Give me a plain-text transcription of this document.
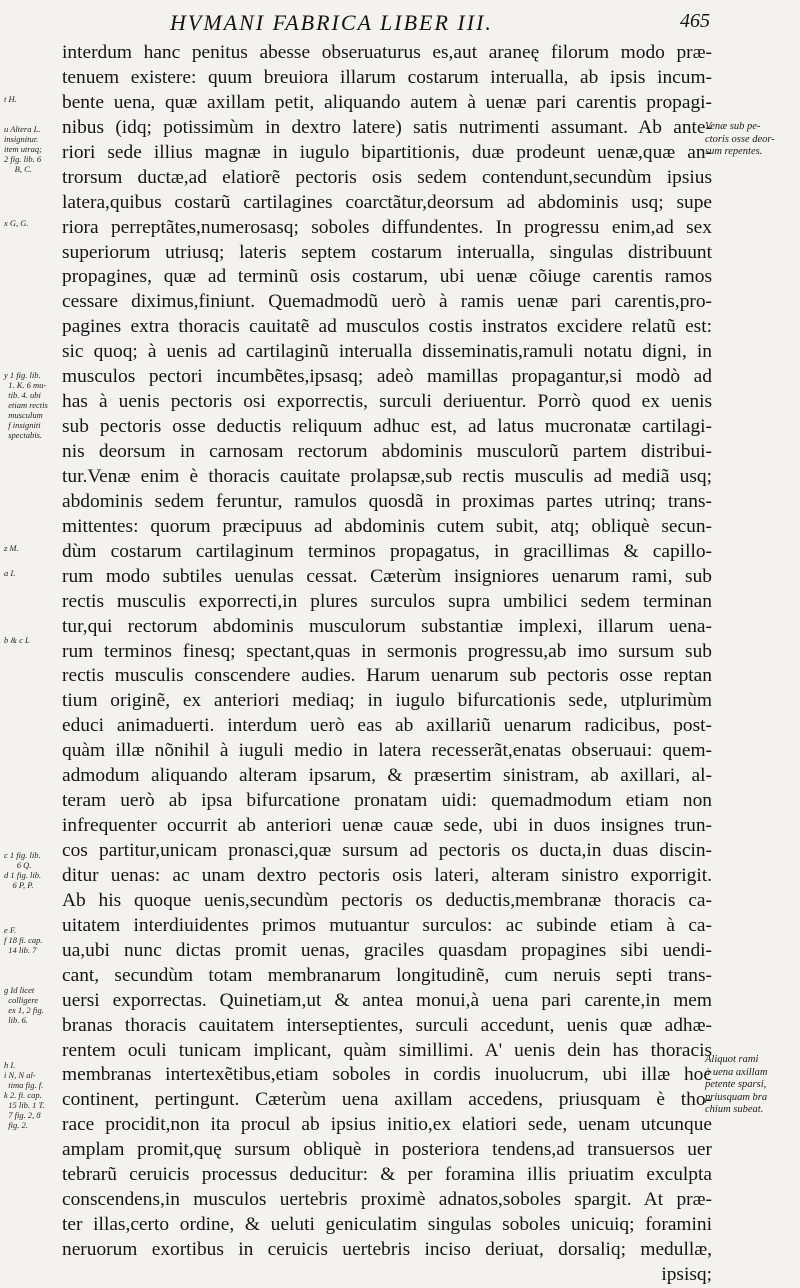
HVMANI FABRICA LIBER III.	465
t H.
u Altera L.
insignitur.
item utraq;
2 fig. lib. 6
B, C.
x G, G.
y 1 fig. lib.
1. K. 6 mu-
tib. 4. ubi
etiam rectis
musculum
f insigniti
spectabis.
z M.
a I.
b & c L
c 1 fig. lib.
6 Q.
d 1 fig. lib.
6 P, P.
e F.
f 18 fi. cap.
14 lib. 7
g Id licet
colligere
ex 1, 2 fig.
lib. 6.
h I.
i N, N al-
tima fig. f.
k 2. fi. cap.
15 lib. 1 T.
7 fig. 2, 8
fig. 2.
interdum hanc penitus abesse obseruaturus es,aut araneę filorum modo præ-
tenuem existere: quum breuiora illarum costarum interualla, ab ipsis incum-
bente uena, quæ axillam petit, aliquando autem à uenæ pari carentis propagi-
nibus (idq; potissimùm in dextro latere) satis nutrimenti assumant. Ab ante-
riori sede illius magnæ in iugulo bipartitionis, duæ prodeunt uenæ,quæ an-
trorsum ductæ,ad elatiorẽ pectoris osis sedem contendunt,secundùm ipsius
latera,quibus costarũ cartilagines coarctãtur,deorsum ad abdominis usq; supe
riora perreptãtes,numerosasq; soboles diffundentes. In progressu enim,ad sex
superiorum utriusq; lateris septem costarum interualla, singulas distribuunt
propagines, quæ ad terminũ osis costarum, ubi uenæ cõiuge carentis ramos
cessare diximus,finiunt. Quemadmodũ uerò à ramis uenæ pari carentis,pro-
pagines extra thoracis cauitatẽ ad musculos costis instratos excidere relatũ est:
sic quoq; à uenis ad cartilaginũ interualla disseminatis,ramuli notatu digni, in
musculos pectori incumbẽtes,ipsasq; adeò mamillas propagantur,si modò ad
has à uenis pectoris osi exporrectis, surculi deriuentur. Porrò quod ex uenis
sub pectoris osse deductis reliquum adhuc est, ad latus mucronatæ cartilagi-
nis deorsum in carnosam rectorum abdominis musculorũ partem distribui-
tur.Venæ enim è thoracis cauitate prolapsæ,sub rectis musculis ad mediã usq;
abdominis sedem feruntur, ramulos quosdã in proximas partes utrinq; trans-
mittentes: quorum præcipuus ad abdominis cutem subit, atq; obliquè secun-
dùm costarum cartilaginum terminos propagatus, in gracillimas & capillo-
rum modo subtiles uenulas cessat. Cæterùm insigniores uenarum rami, sub
rectis musculis exporrecti,in plures surculos supra umbilici sedem terminan
tur,qui rectorum abdominis musculorum substantiæ implexi, illarum uena-
rum terminos finesq; spectant,quas in sermonis progressu,ab imo sursum sub
rectis musculis conscendere audies. Harum uenarum sub pectoris osse reptan
tium originẽ, ex anteriori mediaq; in iugulo bifurcationis sede, utplurimùm
educi animaduerti. interdum uerò eas ab axillariũ uenarum radicibus, post-
quàm illæ nõnihil à iuguli medio in latera recesserãt,enatas obseruaui: quem-
admodum aliquando alteram ipsarum, & præsertim sinistram, ab axillari, al-
teram uerò ab ipsa bifurcatione pronatam uidi: quemadmodum etiam non
infrequenter occurrit ab anteriori uenæ cauæ sede, ubi in duos insignes trun-
cos partitur,unicam pronasci,quæ sursum ad pectoris os ducta,in duas discin-
ditur uenas: ac unam dextro pectoris osis lateri, alteram sinistro exporrigit.
Ab his quoque uenis,secundùm pectoris os deductis,membranæ thoracis ca-
uitatem interdiuidentes primos mutuantur surculos: ac subinde etiam à ca-
ua,ubi nunc dictas promit uenas, graciles quasdam propagines sibi uendi-
cant, secundùm totam membranarum longitudinẽ, cum neruis septi trans-
uersi exporrectas. Quinetiam,ut & antea monui,à uena pari carente,in mem
branas thoracis cauitatem interseptientes, surculi accedunt, uenis quæ adhæ-
rentem oculi tunicam implicant, quàm simillimi. A' uenis dein has thoracis
membranas intertexẽtibus,etiam soboles in cordis inuolucrum, ubi illæ hoc
continent, pertingunt. Cæterùm uena axillam accedens, priusquam è tho-
race procidit,non ita procul ab ipsius initio,ex elatiori sede, uenam utcunque
amplam promit,quę sursum obliquè in posteriora tendens,ad transuersos uer
tebrarũ ceruicis processus deducitur: & per foramina illis priuatim exculpta
conscendens,in musculos uertebris proximè adnatos,soboles spargit. At præ-
ter illas,certo ordine, & ueluti geniculatim singulas soboles unicuiq; foramini
neruorum exortibus in ceruicis uertebris inciso deriuat, dorsaliq; medullæ,
ipsisq;
Venæ sub pe-
ctoris osse deor-
sum repentes.
Aliquot rami
à uena axillam
petente sparsi,
priusquam bra
chium subeat.
